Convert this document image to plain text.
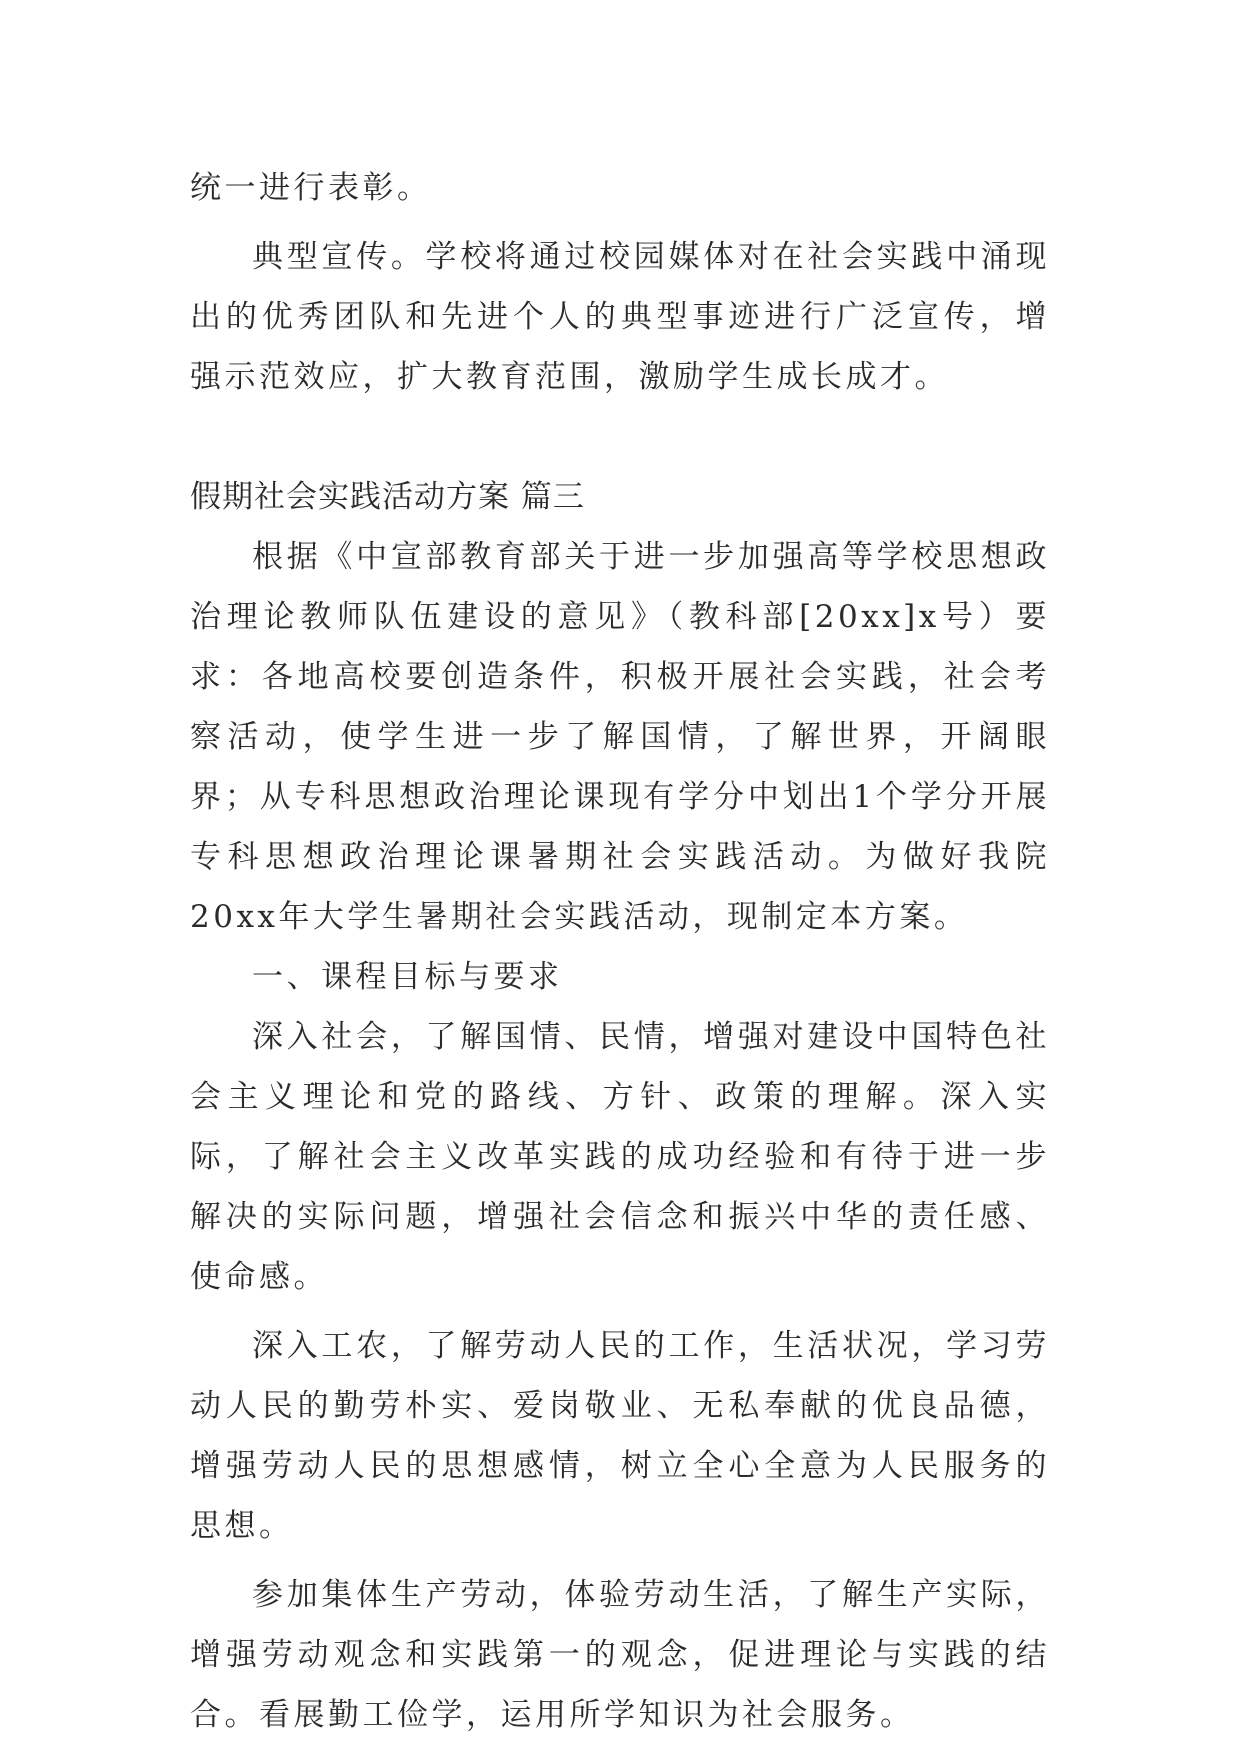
统一进行表彰。

典型宣传。学校将通过校园媒体对在社会实践中涌现出的优秀团队和先进个人的典型事迹进行广泛宣传，增强示范效应，扩大教育范围，激励学生成长成才。

假期社会实践活动方案 篇三

根据《中宣部教育部关于进一步加强高等学校思想政治理论教师队伍建设的意见》（教科部[20xx]x号）要求：各地高校要创造条件，积极开展社会实践，社会考察活动，使学生进一步了解国情，了解世界，开阔眼界；从专科思想政治理论课现有学分中划出1个学分开展专科思想政治理论课暑期社会实践活动。为做好我院20xx年大学生暑期社会实践活动，现制定本方案。

一、课程目标与要求

深入社会，了解国情、民情，增强对建设中国特色社会主义理论和党的路线、方针、政策的理解。深入实际，了解社会主义改革实践的成功经验和有待于进一步解决的实际问题，增强社会信念和振兴中华的责任感、使命感。

深入工农，了解劳动人民的工作，生活状况，学习劳动人民的勤劳朴实、爱岗敬业、无私奉献的优良品德，增强劳动人民的思想感情，树立全心全意为人民服务的思想。

参加集体生产劳动，体验劳动生活，了解生产实际，增强劳动观念和实践第一的观念，促进理论与实践的结合。看展勤工俭学，运用所学知识为社会服务。
